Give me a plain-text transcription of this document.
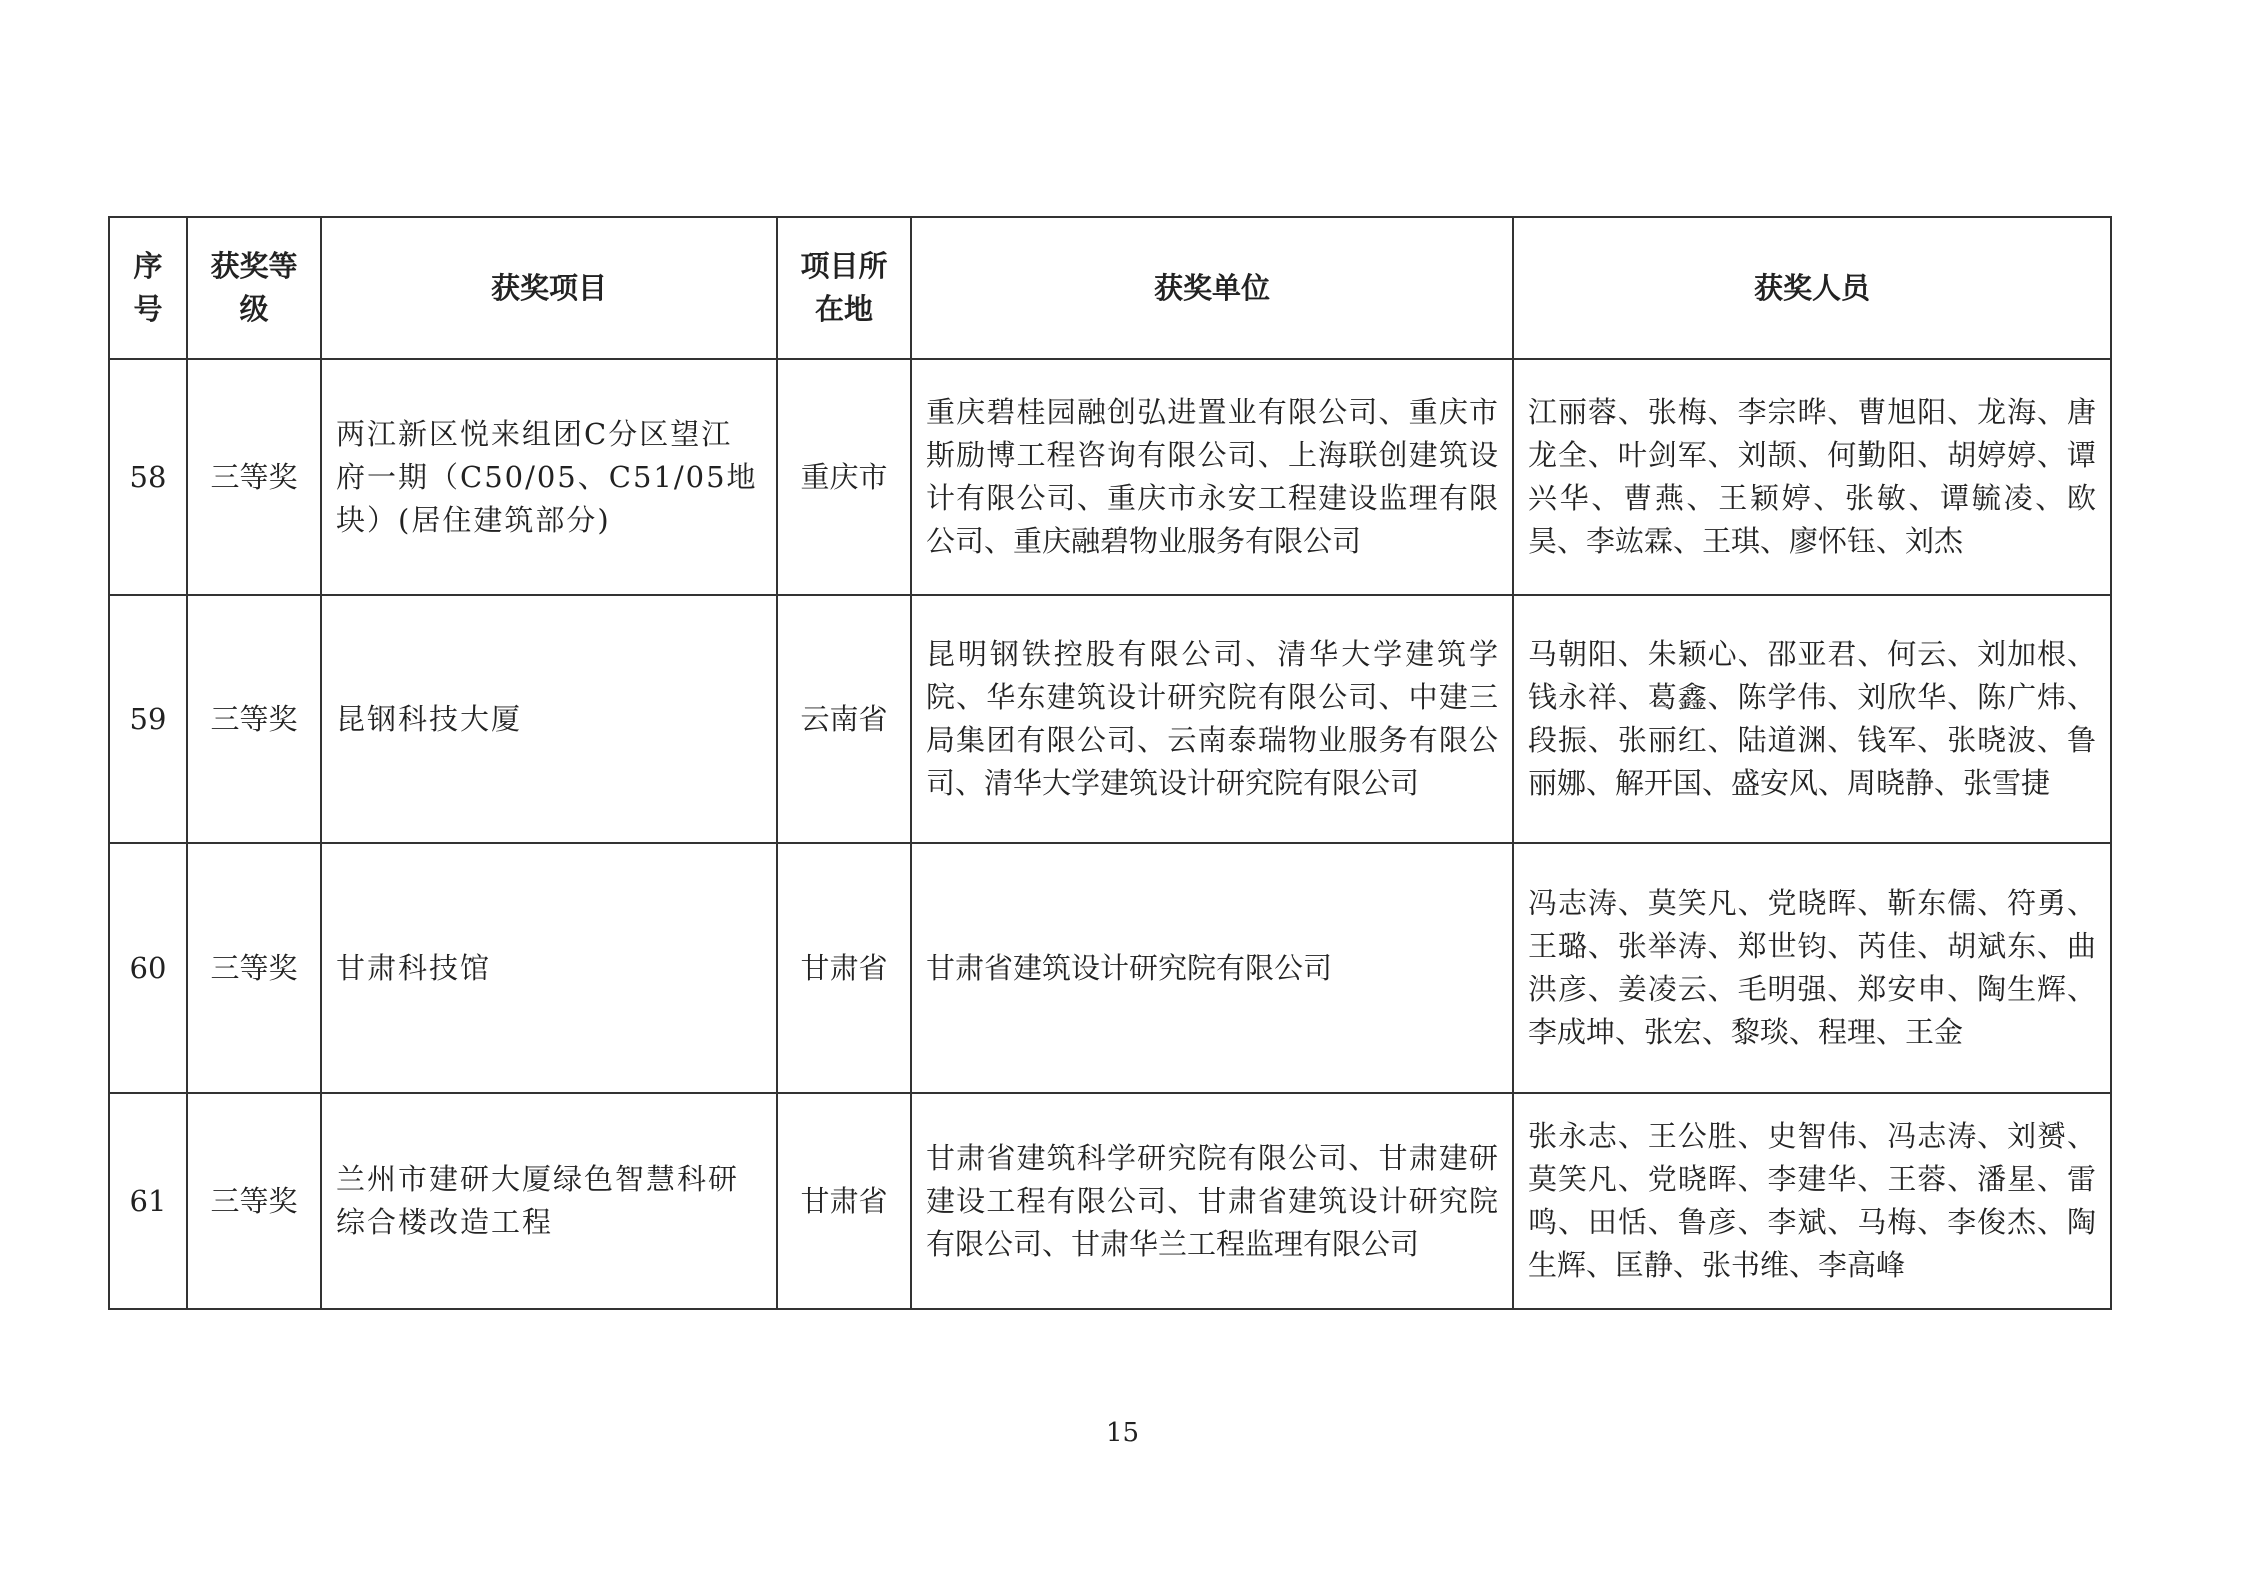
序号	获奖等级	获奖项目	项目所在地	获奖单位	获奖人员
58	三等奖	两江新区悦来组团C分区望江府一期（C50/05、C51/05地块）(居住建筑部分)	重庆市	重庆碧桂园融创弘进置业有限公司、重庆市斯励博工程咨询有限公司、上海联创建筑设计有限公司、重庆市永安工程建设监理有限公司、重庆融碧物业服务有限公司	江丽蓉、张梅、李宗晔、曹旭阳、龙海、唐龙全、叶剑军、刘颉、何勤阳、胡婷婷、谭兴华、曹燕、王颖婷、张敏、谭毓凌、欧昊、李竑霖、王琪、廖怀钰、刘杰
59	三等奖	昆钢科技大厦	云南省	昆明钢铁控股有限公司、清华大学建筑学院、华东建筑设计研究院有限公司、中建三局集团有限公司、云南泰瑞物业服务有限公司、清华大学建筑设计研究院有限公司	马朝阳、朱颖心、邵亚君、何云、刘加根、钱永祥、葛鑫、陈学伟、刘欣华、陈广炜、段振、张丽红、陆道渊、钱军、张晓波、鲁丽娜、解开国、盛安风、周晓静、张雪捷
60	三等奖	甘肃科技馆	甘肃省	甘肃省建筑设计研究院有限公司	冯志涛、莫笑凡、党晓晖、靳东儒、符勇、王璐、张举涛、郑世钧、芮佳、胡斌东、曲洪彦、姜凌云、毛明强、郑安申、陶生辉、李成坤、张宏、黎琰、程理、王金
61	三等奖	兰州市建研大厦绿色智慧科研综合楼改造工程	甘肃省	甘肃省建筑科学研究院有限公司、甘肃建研建设工程有限公司、甘肃省建筑设计研究院有限公司、甘肃华兰工程监理有限公司	张永志、王公胜、史智伟、冯志涛、刘赟、莫笑凡、党晓晖、李建华、王蓉、潘星、雷鸣、田恬、鲁彦、李斌、马梅、李俊杰、陶生辉、匡静、张书维、李高峰
15
